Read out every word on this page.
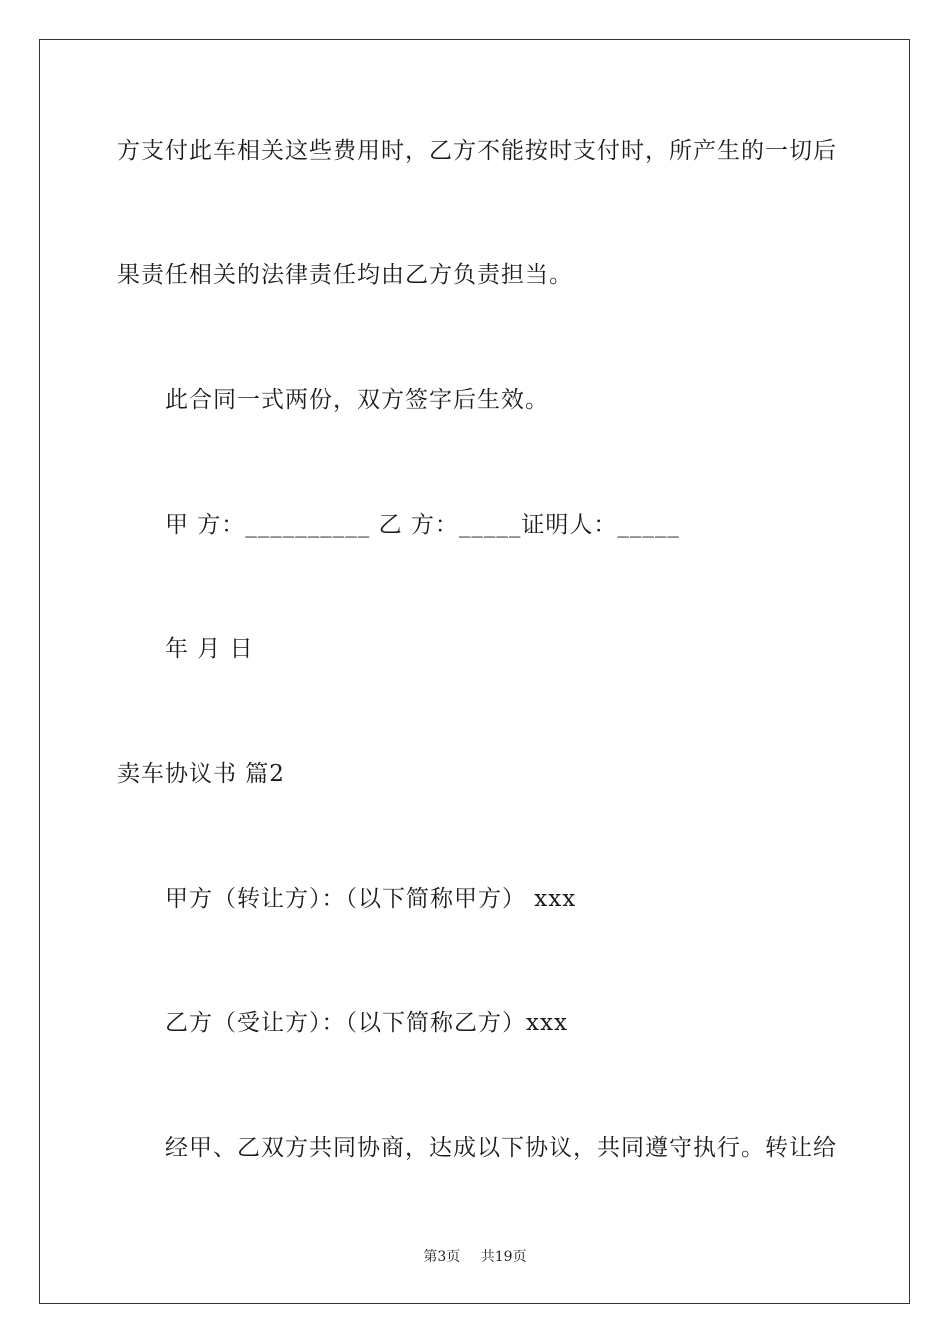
方支付此车相关这些费用时，乙方不能按时支付时，所产生的一切后
果责任相关的法律责任均由乙方负责担当。
此合同一式两份，双方签字后生效。
甲 方：__________ 乙 方：_____证明人：_____
年 月 日
卖车协议书 篇2
甲方（转让方）：（以下简称甲方） xxx
乙方（受让方）：（以下简称乙方）xxx
经甲、乙双方共同协商，达成以下协议，共同遵守执行。转让给
第3页 共19页
